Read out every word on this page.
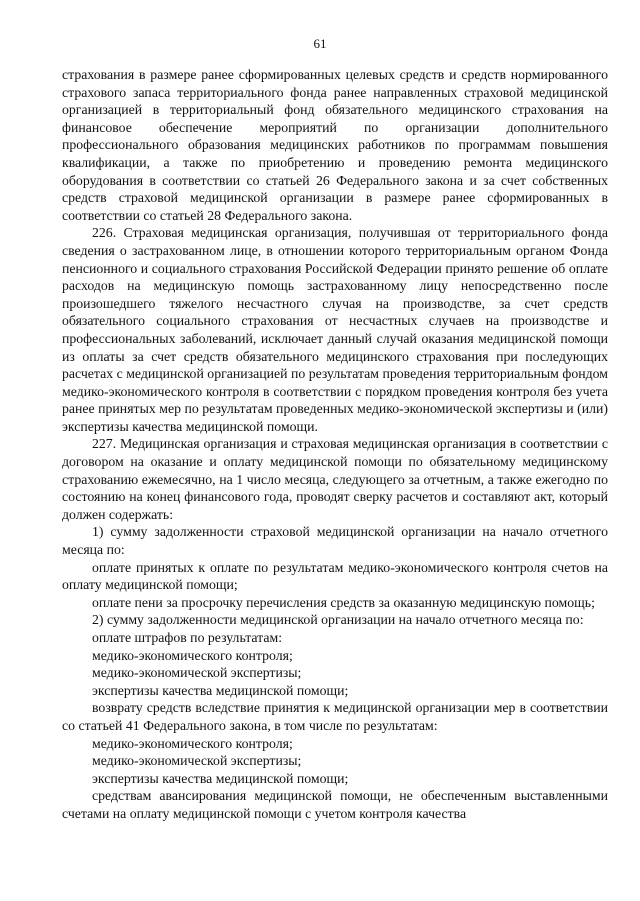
61

страхования в размере ранее сформированных целевых средств и средств нормированного страхового запаса территориального фонда ранее направленных страховой медицинской организацией в территориальный фонд обязательного медицинского страхования на финансовое обеспечение мероприятий по организации дополнительного профессионального образования медицинских работников по программам повышения квалификации, а также по приобретению и проведению ремонта медицинского оборудования в соответствии со статьей 26 Федерального закона и за счет собственных средств страховой медицинской организации в размере ранее сформированных в соответствии со статьей 28 Федерального закона.

226. Страховая медицинская организация, получившая от территориального фонда сведения о застрахованном лице, в отношении которого территориальным органом Фонда пенсионного и социального страхования Российской Федерации принято решение об оплате расходов на медицинскую помощь застрахованному лицу непосредственно после произошедшего тяжелого несчастного случая на производстве, за счет средств обязательного социального страхования от несчастных случаев на производстве и профессиональных заболеваний, исключает данный случай оказания медицинской помощи из оплаты за счет средств обязательного медицинского страхования при последующих расчетах с медицинской организацией по результатам проведения территориальным фондом медико-экономического контроля в соответствии с порядком проведения контроля без учета ранее принятых мер по результатам проведенных медико-экономической экспертизы и (или) экспертизы качества медицинской помощи.

227. Медицинская организация и страховая медицинская организация в соответствии с договором на оказание и оплату медицинской помощи по обязательному медицинскому страхованию ежемесячно, на 1 число месяца, следующего за отчетным, а также ежегодно по состоянию на конец финансового года, проводят сверку расчетов и составляют акт, который должен содержать:

1) сумму задолженности страховой медицинской организации на начало отчетного месяца по:

оплате принятых к оплате по результатам медико-экономического контроля счетов на оплату медицинской помощи;

оплате пени за просрочку перечисления средств за оказанную медицинскую помощь;

2) сумму задолженности медицинской организации на начало отчетного месяца по:

оплате штрафов по результатам:

медико-экономического контроля;

медико-экономической экспертизы;

экспертизы качества медицинской помощи;

возврату средств вследствие принятия к медицинской организации мер в соответствии со статьей 41 Федерального закона, в том числе по результатам:

медико-экономического контроля;

медико-экономической экспертизы;

экспертизы качества медицинской помощи;

средствам авансирования медицинской помощи, не обеспеченным выставленными счетами на оплату медицинской помощи с учетом контроля качества
